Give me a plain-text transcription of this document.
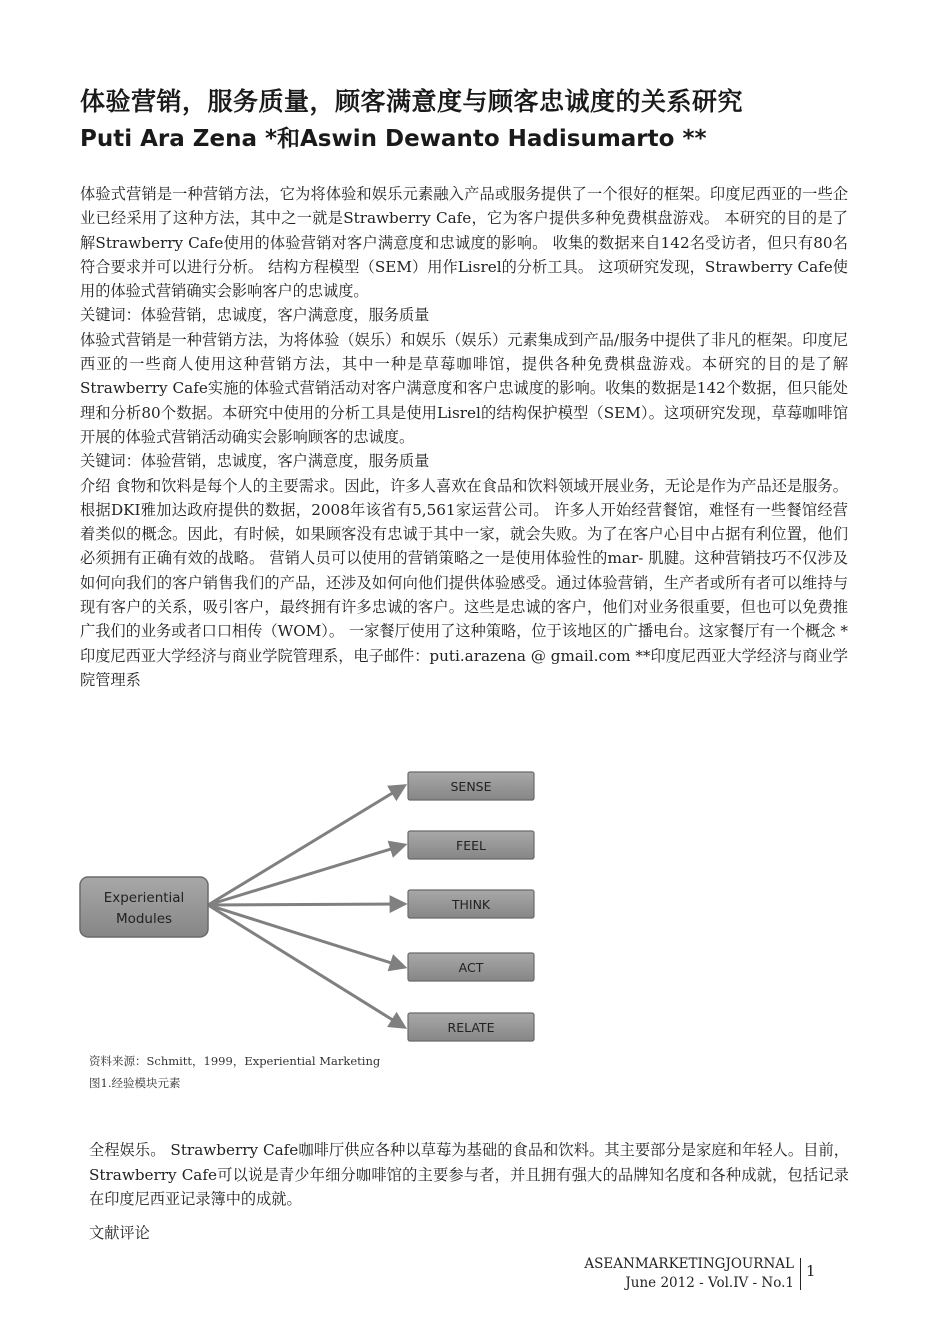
体验营销，服务质量，顾客满意度与顾客忠诚度的关系研究
Puti Ara Zena *和Aswin Dewanto Hadisumarto **

体验式营销是一种营销方法，它为将体验和娱乐元素融入产品或服务提供了一个很好的框架。印度尼西亚的一些企业已经采用了这种方法，其中之一就是Strawberry Cafe，它为客户提供多种免费棋盘游戏。 本研究的目的是了解Strawberry Cafe使用的体验营销对客户满意度和忠诚度的影响。 收集的数据来自142名受访者，但只有80名符合要求并可以进行分析。 结构方程模型（SEM）用作Lisrel的分析工具。 这项研究发现，Strawberry Cafe使用的体验式营销确实会影响客户的忠诚度。

关键词：体验营销，忠诚度，客户满意度，服务质量

体验式营销是一种营销方法，为将体验（娱乐）和娱乐（娱乐）元素集成到产品/服务中提供了非凡的框架。印度尼西亚的一些商人使用这种营销方法，其中一种是草莓咖啡馆，提供各种免费棋盘游戏。本研究的目的是了解Strawberry Cafe实施的体验式营销活动对客户满意度和客户忠诚度的影响。收集的数据是142个数据，但只能处理和分析80个数据。本研究中使用的分析工具是使用Lisrel的结构保护模型（SEM）。这项研究发现，草莓咖啡馆开展的体验式营销活动确实会影响顾客的忠诚度。

关键词：体验营销，忠诚度，客户满意度，服务质量

介绍 食物和饮料是每个人的主要需求。因此，许多人喜欢在食品和饮料领域开展业务，无论是作为产品还是服务。根据DKI雅加达政府提供的数据，2008年该省有5,561家运营公司。 许多人开始经营餐馆，难怪有一些餐馆经营着类似的概念。因此，有时候，如果顾客没有忠诚于其中一家，就会失败。为了在客户心目中占据有利位置，他们必须拥有正确有效的战略。 营销人员可以使用的营销策略之一是使用体验性的mar- 肌腱。这种营销技巧不仅涉及如何向我们的客户销售我们的产品，还涉及如何向他们提供体验感受。通过体验营销，生产者或所有者可以维持与现有客户的关系，吸引客户，最终拥有许多忠诚的客户。这些是忠诚的客户，他们对业务很重要，但也可以免费推广我们的业务或者口口相传（WOM）。 一家餐厅使用了这种策略，位于该地区的广播电台。这家餐厅有一个概念 *印度尼西亚大学经济与商业学院管理系，电子邮件：puti.arazena @ gmail.com **印度尼西亚大学经济与商业学院管理系

Experiential
Modules
SENSE
FEEL
THINK
ACT
RELATE
资料来源：Schmitt，1999，Experiential Marketing
图1.经验模块元素

全程娱乐。 Strawberry Cafe咖啡厅供应各种以草莓为基础的食品和饮料。其主要部分是家庭和年轻人。目前，Strawberry Cafe可以说是青少年细分咖啡馆的主要参与者，并且拥有强大的品牌知名度和各种成就，包括记录在印度尼西亚记录簿中的成就。

文献评论
ASEANMARKETINGJOURNAL
June 2012 - Vol.IV - No.1
1
